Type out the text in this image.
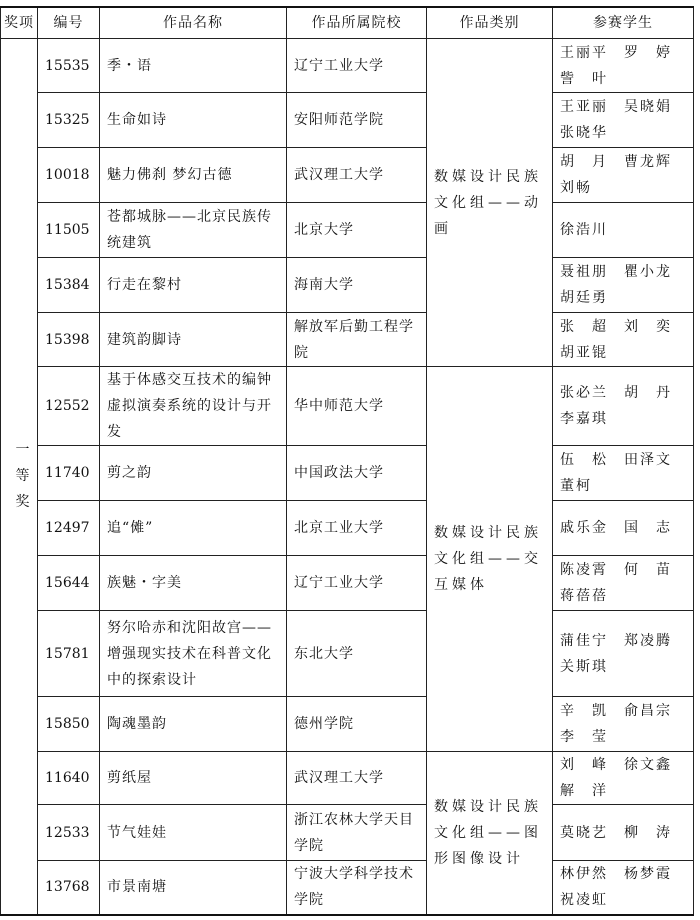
奖项	编号	作品名称	作品所属院校	作品类别	参赛学生

一等奖	15535	季・语	辽宁工业大学	数媒设计民族文化组——动画	王丽平　罗　婷　訾　叶
	15325	生命如诗	安阳师范学院		王亚丽　吴晓娟　张晓华
	10018	魅力佛刹 梦幻古德	武汉理工大学		胡　月　曹龙辉　刘畅
	11505	苍都城脉——北京民族传统建筑	北京大学		徐浩川
	15384	行走在黎村	海南大学		聂祖朋　瞿小龙　胡廷勇
	15398	建筑韵脚诗	解放军后勤工程学院		张　超　刘　奕　胡亚锟
	12552	基于体感交互技术的编钟虚拟演奏系统的设计与开发	华中师范大学	数媒设计民族文化组——交互媒体	张必兰　胡　丹　李嘉琪
	11740	剪之韵	中国政法大学		伍　松　田泽文　董柯
	12497	追“傩”	北京工业大学		戚乐金　国　志
	15644	族魅・字美	辽宁工业大学		陈凌霄　何　苗　蒋蓓蓓
	15781	努尔哈赤和沈阳故宫——增强现实技术在科普文化中的探索设计	东北大学		蒲佳宁　郑凌腾　关斯琪
	15850	陶魂墨韵	德州学院		辛　凯　俞昌宗　李　莹
	11640	剪纸屋	武汉理工大学	数媒设计民族文化组——图形图像设计	刘　峰　徐文鑫　解　洋
	12533	节气娃娃	浙江农林大学天目学院		莫晓艺　柳　涛
	13768	市景南塘	宁波大学科学技术学院		林伊然　杨梦霞　祝凌虹
